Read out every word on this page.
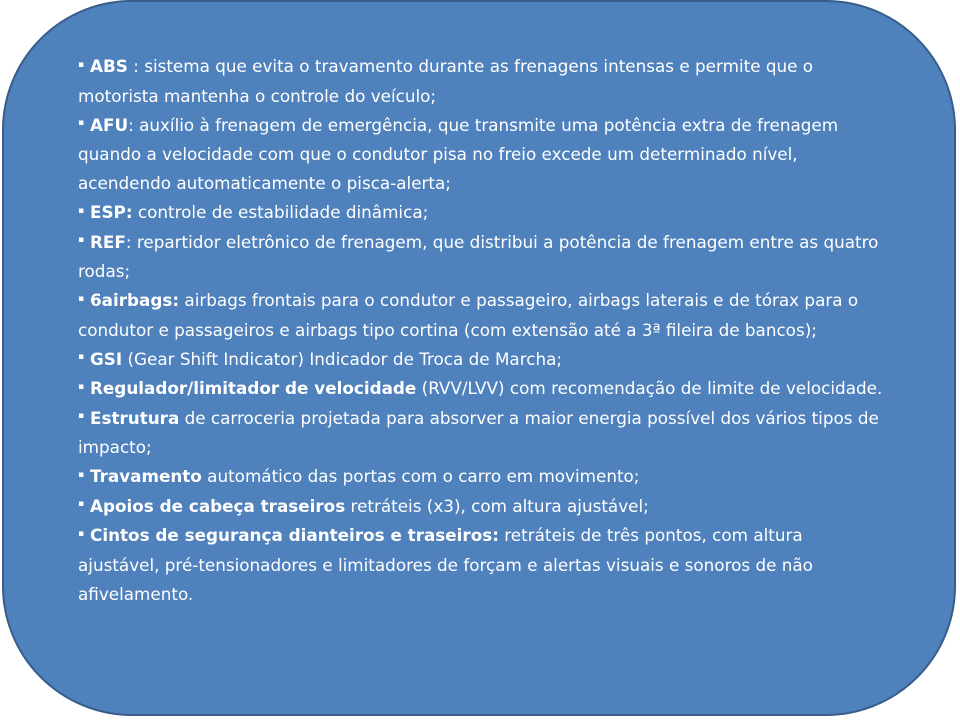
▪ ABS : sistema que evita o travamento durante as frenagens intensas e permite que o motorista mantenha o controle do veículo;

▪ AFU: auxílio à frenagem de emergência, que transmite uma potência extra de frenagem quando a velocidade com que o condutor pisa no freio excede um determinado nível, acendendo automaticamente o pisca-alerta;

▪ ESP: controle de estabilidade dinâmica;

▪ REF: repartidor eletrônico de frenagem, que distribui a potência de frenagem entre as quatro rodas;

▪ 6airbags: airbags frontais para o condutor e passageiro, airbags laterais e de tórax para o condutor e passageiros e airbags tipo cortina (com extensão até a 3ª fileira de bancos);

▪ GSI (Gear Shift Indicator) Indicador de Troca de Marcha;

▪ Regulador/limitador de velocidade (RVV/LVV) com recomendação de limite de velocidade.

▪ Estrutura de carroceria projetada para absorver a maior energia possível dos vários tipos de impacto;

▪ Travamento automático das portas com o carro em movimento;

▪ Apoios de cabeça traseiros retráteis (x3), com altura ajustável;

▪ Cintos de segurança dianteiros e traseiros: retráteis de três pontos, com altura ajustável, pré-tensionadores e limitadores de forçam e alertas visuais e sonoros de não afivelamento.
